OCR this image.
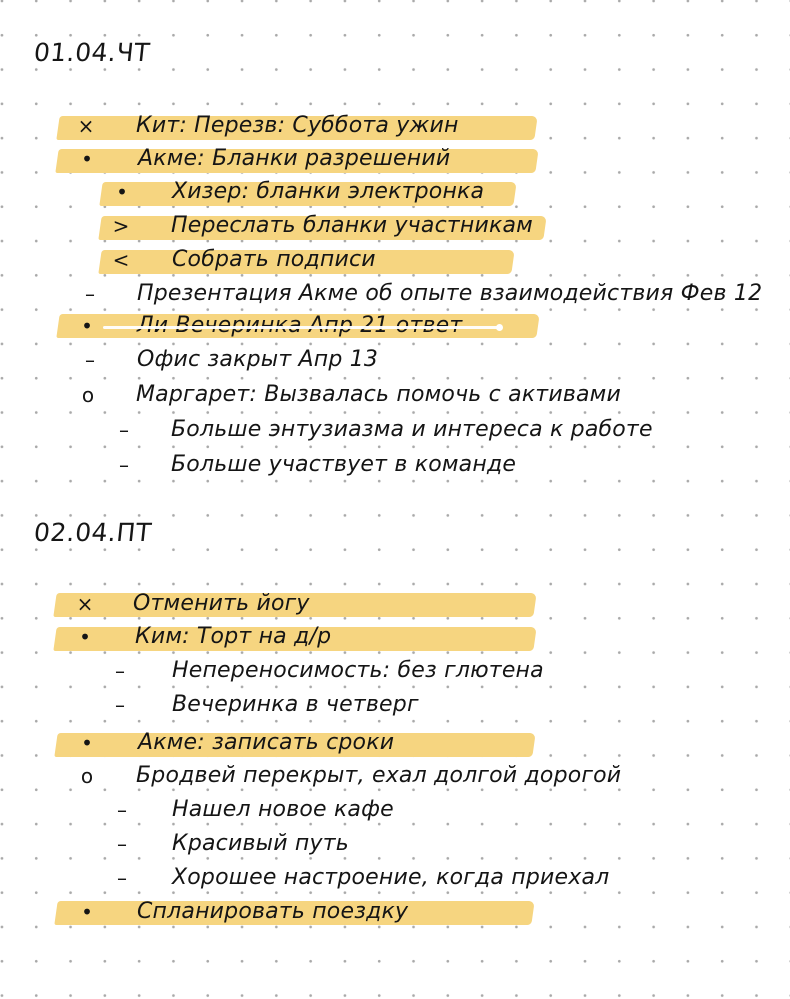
01.04.ЧТ
× Кит: Перезв: Суббота ужин
• Акме: Бланки разрешений
• Хизер: бланки электронка
> Переслать бланки участникам
< Собрать подписи
–	Презентация Акме об опыте взаимодействия Фев 12
•
–	Офис закрыт Апр 13
o Маргарет: Вызвалась помочь с активами
–	Больше энтузиазма и интереса к работе
–	Больше участвует в команде
02.04.ПТ
× Отменить йогу
• Ким: Торт на д/р
–	Непереносимость: без глютена
–	Вечеринка в четверг
• Акме: записать сроки
o Бродвей перекрыт, ехал долгой дорогой
–	Нашел новое кафе
–	Красивый путь
–	Хорошее настроение, когда приехал
• Спланировать поездку
